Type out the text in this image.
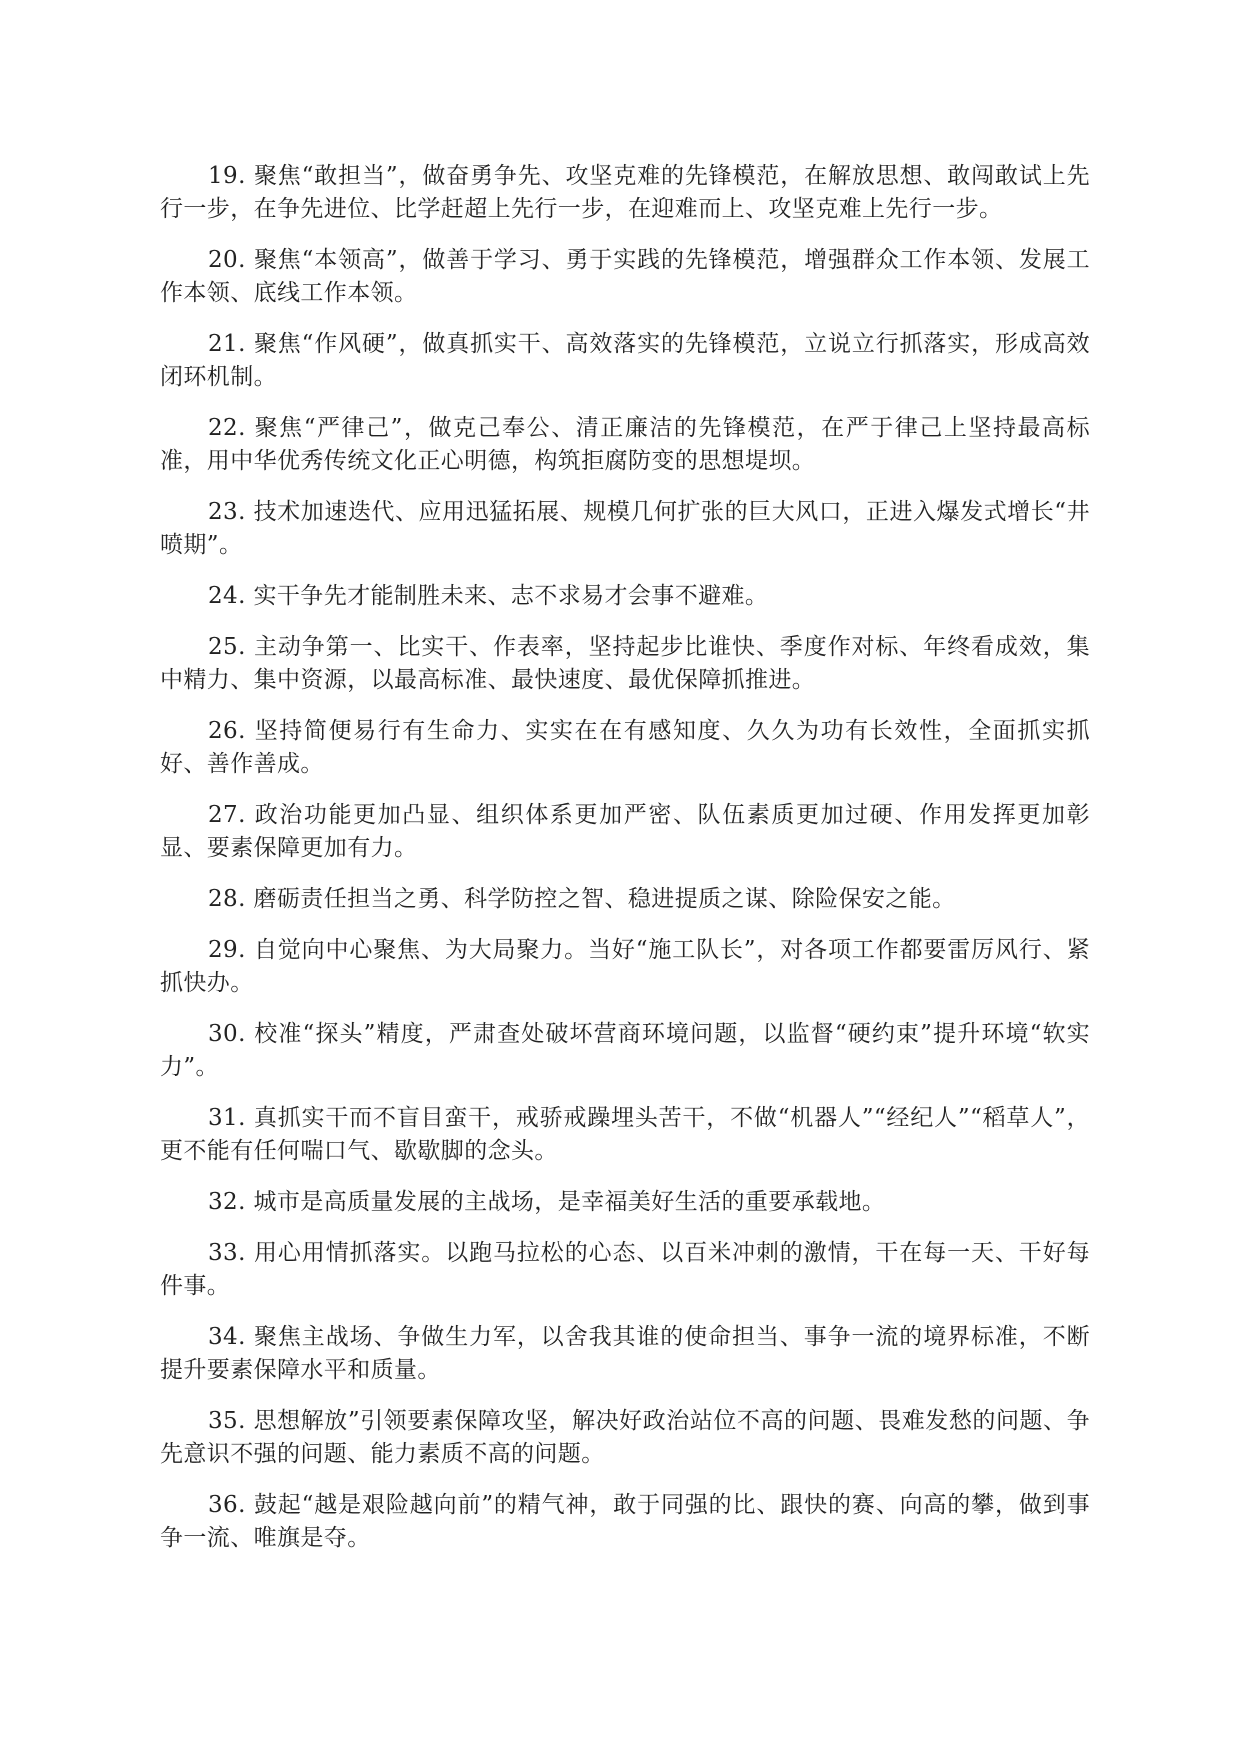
19. 聚焦“敢担当”，做奋勇争先、攻坚克难的先锋模范，在解放思想、敢闯敢试上先行一步，在争先进位、比学赶超上先行一步，在迎难而上、攻坚克难上先行一步。

20. 聚焦“本领高”，做善于学习、勇于实践的先锋模范，增强群众工作本领、发展工作本领、底线工作本领。

21. 聚焦“作风硬”，做真抓实干、高效落实的先锋模范，立说立行抓落实，形成高效闭环机制。

22. 聚焦“严律己”，做克己奉公、清正廉洁的先锋模范，在严于律己上坚持最高标准，用中华优秀传统文化正心明德，构筑拒腐防变的思想堤坝。

23. 技术加速迭代、应用迅猛拓展、规模几何扩张的巨大风口，正进入爆发式增长“井喷期”。

24. 实干争先才能制胜未来、志不求易才会事不避难。

25. 主动争第一、比实干、作表率，坚持起步比谁快、季度作对标、年终看成效，集中精力、集中资源，以最高标准、最快速度、最优保障抓推进。

26. 坚持简便易行有生命力、实实在在有感知度、久久为功有长效性，全面抓实抓好、善作善成。

27. 政治功能更加凸显、组织体系更加严密、队伍素质更加过硬、作用发挥更加彰显、要素保障更加有力。

28. 磨砺责任担当之勇、科学防控之智、稳进提质之谋、除险保安之能。

29. 自觉向中心聚焦、为大局聚力。当好“施工队长”，对各项工作都要雷厉风行、紧抓快办。

30. 校准“探头”精度，严肃查处破坏营商环境问题，以监督“硬约束”提升环境“软实力”。

31. 真抓实干而不盲目蛮干，戒骄戒躁埋头苦干，不做“机器人”“经纪人”“稻草人”，更不能有任何喘口气、歇歇脚的念头。

32. 城市是高质量发展的主战场，是幸福美好生活的重要承载地。

33. 用心用情抓落实。以跑马拉松的心态、以百米冲刺的激情，干在每一天、干好每件事。

34. 聚焦主战场、争做生力军，以舍我其谁的使命担当、事争一流的境界标准，不断提升要素保障水平和质量。

35. 思想解放”引领要素保障攻坚，解决好政治站位不高的问题、畏难发愁的问题、争先意识不强的问题、能力素质不高的问题。

36. 鼓起“越是艰险越向前”的精气神，敢于同强的比、跟快的赛、向高的攀，做到事争一流、唯旗是夺。
